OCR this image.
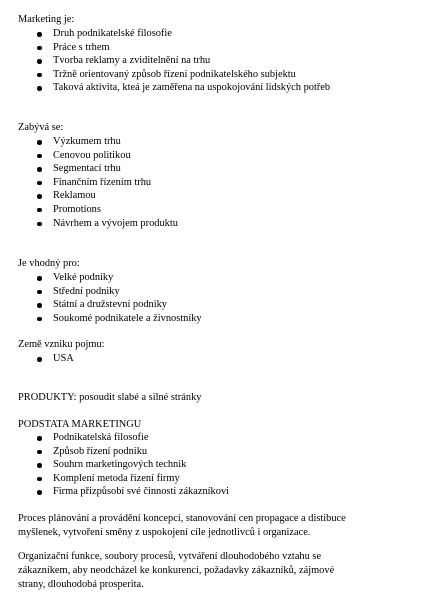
Marketing je:
Druh podnikatelské filosofie
Práce s trhem
Tvorba reklamy a zviditelnění na trhu
Tržně orientovaný způsob řízení podnikatelského subjektu
Taková aktivita, kteá je zaměřena na uspokojování lidských potřeb
Zabývá se:
Výzkumem trhu
Cenovou politikou
Segmentací trhu
Finančním řízením trhu
Reklamou
Promotions
Návrhem a vývojem produktu
Je vhodný pro:
Velké podniky
Střední podniky
Státní a družstevní podniky
Soukomé podnikatele a živnostníky
Země vzniku pojmu:
USA
PRODUKTY: posoudit slabé a silné stránky
PODSTATA MARKETINGU
Podnikatelská filosofie
Způsob řízení podniku
Souhrn marketingových technik
Komplení metoda řízení firmy
Firma přizpůsobí své činnosti zákazníkovi
Proces plánování a provádění koncepcí, stanovování cen propagace a distibuce
myšlenek, vytvoření směny z uspokojení cíle jednotlivců i organizace.
Organizační funkce, soubory procesů, vytváření dlouhodobého vztahu se
zákazníkem, aby neodcházel ke konkurenci, požadavky zákazníků, zájmové
strany, dlouhodobá prosperita.
